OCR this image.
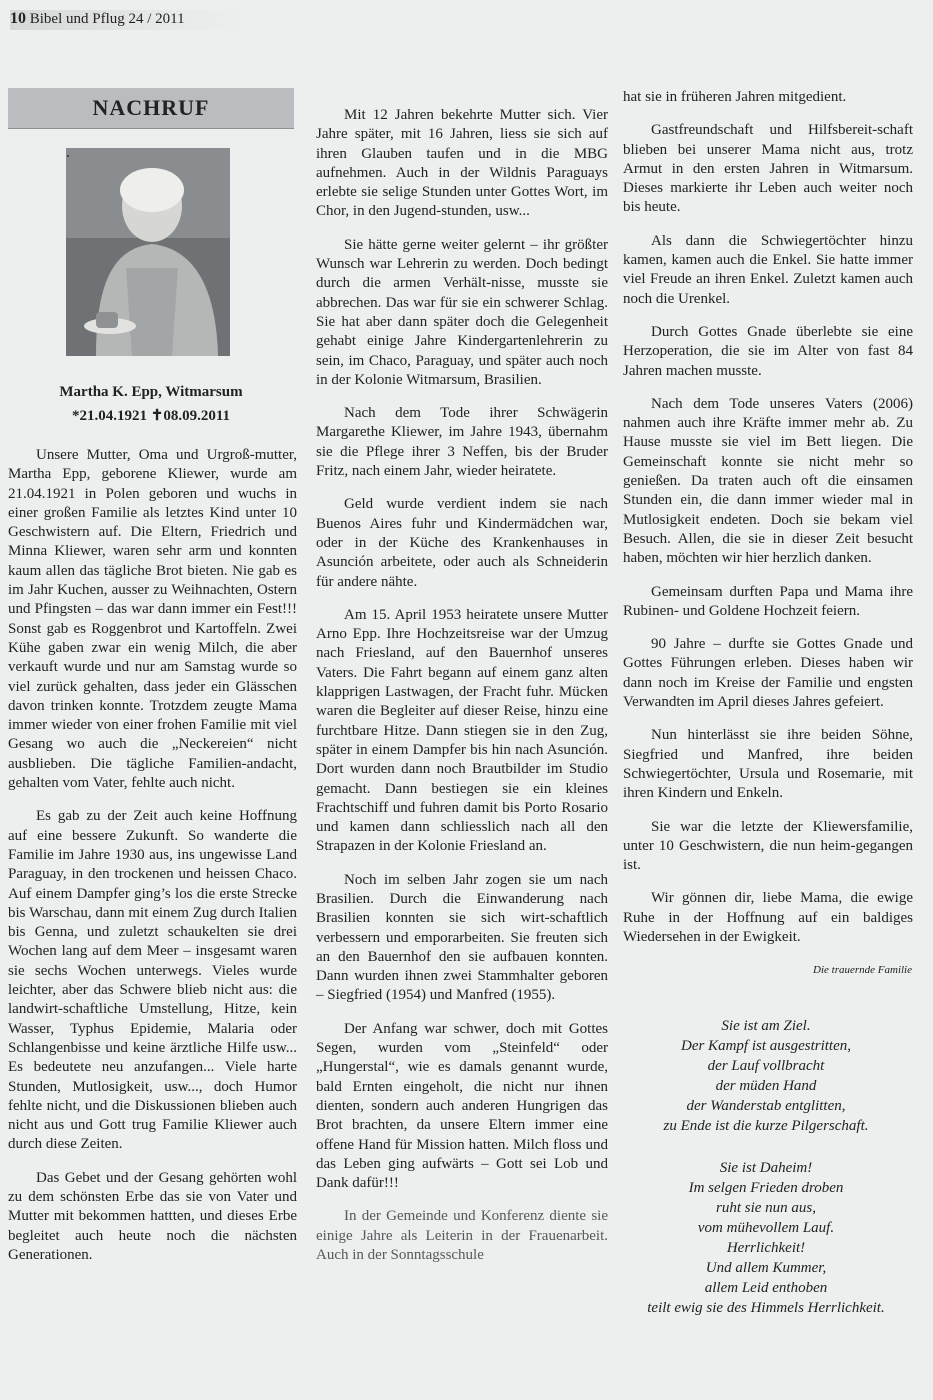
10 Bibel und Pflug 24 / 2011
NACHRUF
Martha K. Epp, Witmarsum
*21.04.1921 ✝08.09.2011

Unsere Mutter, Oma und Urgroß-mutter, Martha Epp, geborene Kliewer, wurde am 21.04.1921 in Polen geboren und wuchs in einer großen Familie als letztes Kind unter 10 Geschwistern auf. Die Eltern, Friedrich und Minna Kliewer, waren sehr arm und konnten kaum allen das tägliche Brot bieten. Nie gab es im Jahr Kuchen, ausser zu Weihnachten, Ostern und Pfingsten – das war dann immer ein Fest!!! Sonst gab es Roggenbrot und Kartoffeln. Zwei Kühe gaben zwar ein wenig Milch, die aber verkauft wurde und nur am Samstag wurde so viel zurück gehalten, dass jeder ein Glässchen davon trinken konnte. Trotzdem zeugte Mama immer wieder von einer frohen Familie mit viel Gesang wo auch die „Neckereien“ nicht ausblieben. Die tägliche Familien-andacht, gehalten vom Vater, fehlte auch nicht.

Es gab zu der Zeit auch keine Hoffnung auf eine bessere Zukunft. So wanderte die Familie im Jahre 1930 aus, ins ungewisse Land Paraguay, in den trockenen und heissen Chaco. Auf einem Dampfer ging’s los die erste Strecke bis Warschau, dann mit einem Zug durch Italien bis Genna, und zuletzt schaukelten sie drei Wochen lang auf dem Meer – insgesamt waren sie sechs Wochen unterwegs. Vieles wurde leichter, aber das Schwere blieb nicht aus: die landwirt-schaftliche Umstellung, Hitze, kein Wasser, Typhus Epidemie, Malaria oder Schlangenbisse und keine ärztliche Hilfe usw... Es bedeutete neu anzufangen... Viele harte Stunden, Mutlosigkeit, usw..., doch Humor fehlte nicht, und die Diskussionen blieben auch nicht aus und Gott trug Familie Kliewer auch durch diese Zeiten.

Das Gebet und der Gesang gehörten wohl zu dem schönsten Erbe das sie von Vater und Mutter mit bekommen hattten, und dieses Erbe begleitet auch heute noch die nächsten Generationen.

Mit 12 Jahren bekehrte Mutter sich. Vier Jahre später, mit 16 Jahren, liess sie sich auf ihren Glauben taufen und in die MBG aufnehmen. Auch in der Wildnis Paraguays erlebte sie selige Stunden unter Gottes Wort, im Chor, in den Jugend-stunden, usw...

Sie hätte gerne weiter gelernt – ihr größter Wunsch war Lehrerin zu werden. Doch bedingt durch die armen Verhält-nisse, musste sie abbrechen. Das war für sie ein schwerer Schlag. Sie hat aber dann später doch die Gelegenheit gehabt einige Jahre Kindergartenlehrerin zu sein, im Chaco, Paraguay, und später auch noch in der Kolonie Witmarsum, Brasilien.

Nach dem Tode ihrer Schwägerin Margarethe Kliewer, im Jahre 1943, übernahm sie die Pflege ihrer 3 Neffen, bis der Bruder Fritz, nach einem Jahr, wieder heiratete.

Geld wurde verdient indem sie nach Buenos Aires fuhr und Kindermädchen war, oder in der Küche des Krankenhauses in Asunción arbeitete, oder auch als Schneiderin für andere nähte.

Am 15. April 1953 heiratete unsere Mutter Arno Epp. Ihre Hochzeitsreise war der Umzug nach Friesland, auf den Bauernhof unseres Vaters. Die Fahrt begann auf einem ganz alten klapprigen Lastwagen, der Fracht fuhr. Mücken waren die Begleiter auf dieser Reise, hinzu eine furchtbare Hitze. Dann stiegen sie in den Zug, später in einem Dampfer bis hin nach Asunción. Dort wurden dann noch Brautbilder im Studio gemacht. Dann bestiegen sie ein kleines Frachtschiff und fuhren damit bis Porto Rosario und kamen dann schliesslich nach all den Strapazen in der Kolonie Friesland an.

Noch im selben Jahr zogen sie um nach Brasilien. Durch die Einwanderung nach Brasilien konnten sie sich wirt-schaftlich verbessern und emporarbeiten. Sie freuten sich an den Bauernhof den sie aufbauen konnten. Dann wurden ihnen zwei Stammhalter geboren – Siegfried (1954) und Manfred (1955).

Der Anfang war schwer, doch mit Gottes Segen, wurden vom „Steinfeld“ oder „Hungerstal“, wie es damals genannt wurde, bald Ernten eingeholt, die nicht nur ihnen dienten, sondern auch anderen Hungrigen das Brot brachten, da unsere Eltern immer eine offene Hand für Mission hatten. Milch floss und das Leben ging aufwärts – Gott sei Lob und Dank dafür!!!

In der Gemeinde und Konferenz diente sie einige Jahre als Leiterin in der Frauenarbeit. Auch in der Sonntagsschule

hat sie in früheren Jahren mitgedient.

Gastfreundschaft und Hilfsbereit-schaft blieben bei unserer Mama nicht aus, trotz Armut in den ersten Jahren in Witmarsum. Dieses markierte ihr Leben auch weiter noch bis heute.

Als dann die Schwiegertöchter hinzu kamen, kamen auch die Enkel. Sie hatte immer viel Freude an ihren Enkel. Zuletzt kamen auch noch die Urenkel.

Durch Gottes Gnade überlebte sie eine Herzoperation, die sie im Alter von fast 84 Jahren machen musste.

Nach dem Tode unseres Vaters (2006) nahmen auch ihre Kräfte immer mehr ab. Zu Hause musste sie viel im Bett liegen. Die Gemeinschaft konnte sie nicht mehr so genießen. Da traten auch oft die einsamen Stunden ein, die dann immer wieder mal in Mutlosigkeit endeten. Doch sie bekam viel Besuch. Allen, die sie in dieser Zeit besucht haben, möchten wir hier herzlich danken.

Gemeinsam durften Papa und Mama ihre Rubinen- und Goldene Hochzeit feiern.

90 Jahre – durfte sie Gottes Gnade und Gottes Führungen erleben. Dieses haben wir dann noch im Kreise der Familie und engsten Verwandten im April dieses Jahres gefeiert.

Nun hinterlässt sie ihre beiden Söhne, Siegfried und Manfred, ihre beiden Schwiegertöchter, Ursula und Rosemarie, mit ihren Kindern und Enkeln.

Sie war die letzte der Kliewersfamilie, unter 10 Geschwistern, die nun heim-gegangen ist.

Wir gönnen dir, liebe Mama, die ewige Ruhe in der Hoffnung auf ein baldiges Wiedersehen in der Ewigkeit.

Die trauernde Familie
Sie ist am Ziel.
Der Kampf ist ausgestritten,
der Lauf vollbracht
der müden Hand
der Wanderstab entglitten,
zu Ende ist die kurze Pilgerschaft.
Sie ist Daheim!
Im selgen Frieden droben
ruht sie nun aus,
vom mühevollem Lauf.
Herrlichkeit!
Und allem Kummer,
allem Leid enthoben
teilt ewig sie des Himmels Herrlichkeit.
